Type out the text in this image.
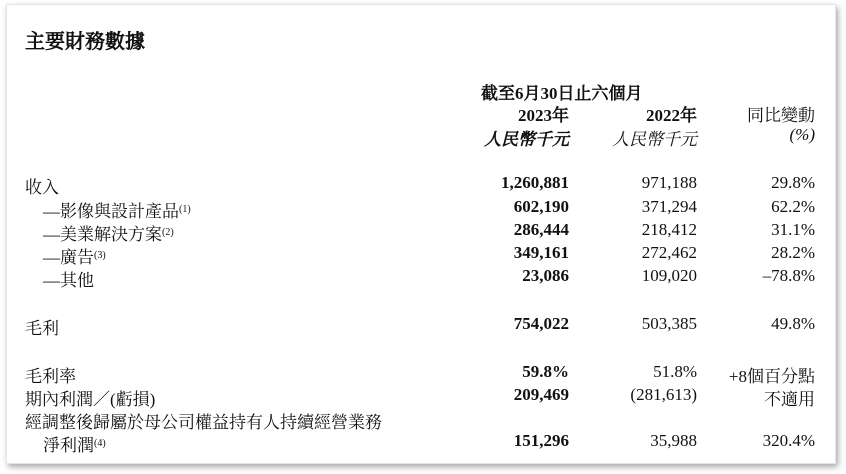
主要財務數據
截至6月30日止六個月
2023年	2022年	同比變動
人民幣千元	人民幣千元	(%)
收入	1,260,881	971,188	29.8%
—影像與設計產品$^{(1)}$	602,190	371,294	62.2%
—美業解決方案$^{(2)}$	286,444	218,412	31.1%
—廣告$^{(3)}$	349,161	272,462	28.2%
—其他	23,086	109,020	–78.8%
毛利	754,022	503,385	49.8%
毛利率	59.8%	51.8% +8個百分點
期內利潤／(虧損)	209,469	(281,613)	不適用
經調整後歸屬於母公司權益持有人持續經營業務
淨利潤$^{(4)}$	151,296	35,988	320.4%
